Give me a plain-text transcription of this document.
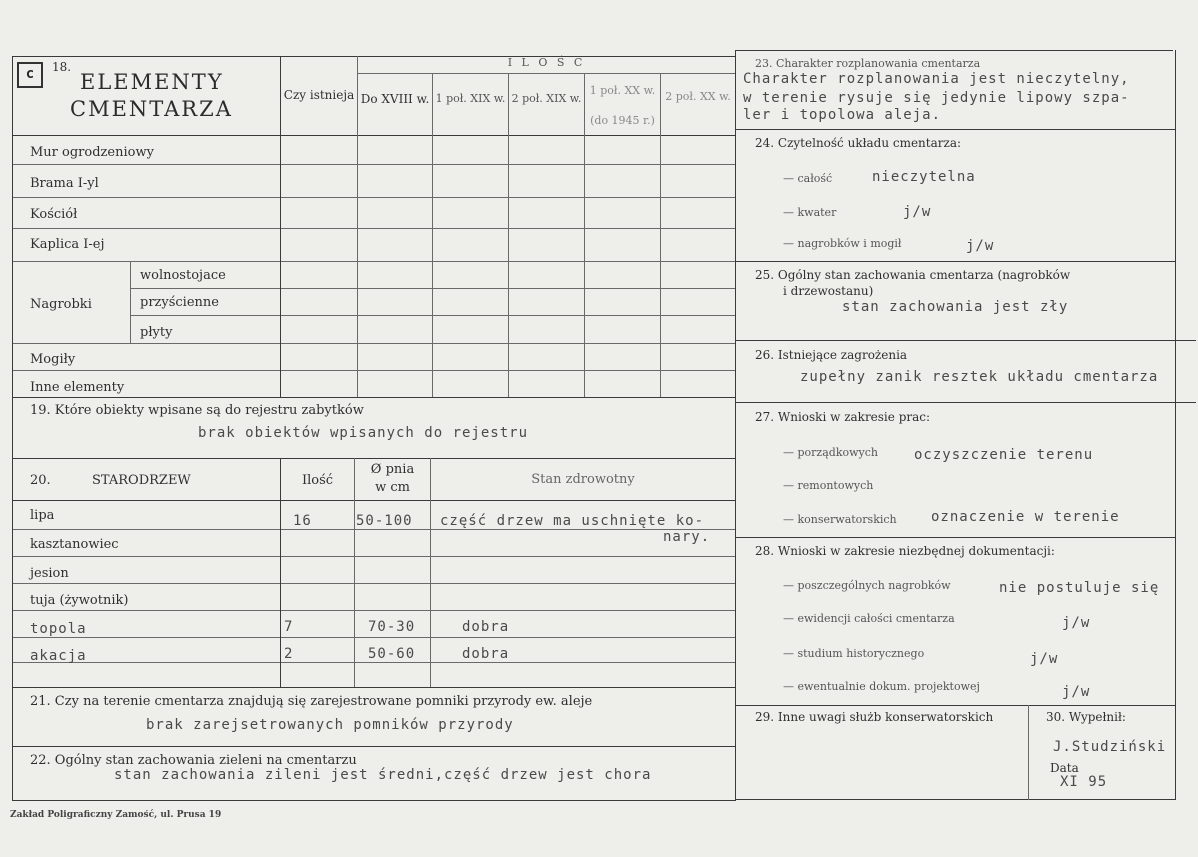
c	18.
ELEMENTY
CMENTARZA
Czy istnieja
I L O Ś C
Do XVIII w. 1 poł. XIX w. 2 poł. XIX w.
1 poł. XX w.
(do 1945 r.)
2 poł. XX w.
Mur ogrodzeniowy
Brama I-yl
Kościół
Kaplica I-ej
Nagrobki
wolnostojace
przyścienne
płyty
Mogiły
Inne elementy
19. Które obiekty wpisane są do rejestru zabytków
brak obiektów wpisanych do rejestru
20.	STARODRZEW	Ilość
Ø pnia
w cm
Stan zdrowotny
lipa	16	50-100 część drzew ma uschnięte ko-
nary.
kasztanowiec
jesion
tuja (żywotnik)
topola	7	70-30	dobra
akacja	2	50-60	dobra
21. Czy na terenie cmentarza znajdują się zarejestrowane pomniki przyrody ew. aleje
brak zarejsetrowanych pomników przyrody
22. Ogólny stan zachowania zieleni na cmentarzu
stan zachowania zileni jest średni,część drzew jest chora
Zakład Poligraficzny Zamość, ul. Prusa 19
23. Charakter rozplanowania cmentarza
Charakter rozplanowania jest nieczytelny,
w terenie rysuje się jedynie lipowy szpa-
ler i topolowa aleja.
24. Czytelność układu cmentarza:
— całość	nieczytelna
— kwater	j/w
— nagrobków i mogił	j/w
25. Ogólny stan zachowania cmentarza (nagrobków
i drzewostanu)
stan zachowania jest zły
26. Istniejące zagrożenia
zupełny zanik resztek układu cmentarza
27. Wnioski w zakresie prac:
— porządkowych	oczyszczenie terenu
— remontowych
— konserwatorskich oznaczenie w terenie
28. Wnioski w zakresie niezbędnej dokumentacji:
— poszczególnych nagrobków	nie postuluje się
— ewidencji całości cmentarza	j/w
— studium historycznego	j/w
— ewentualnie dokum. projektowej	j/w
29. Inne uwagi służb konserwatorskich	30. Wypełnił:
J.Studziński
Data
XI 95
